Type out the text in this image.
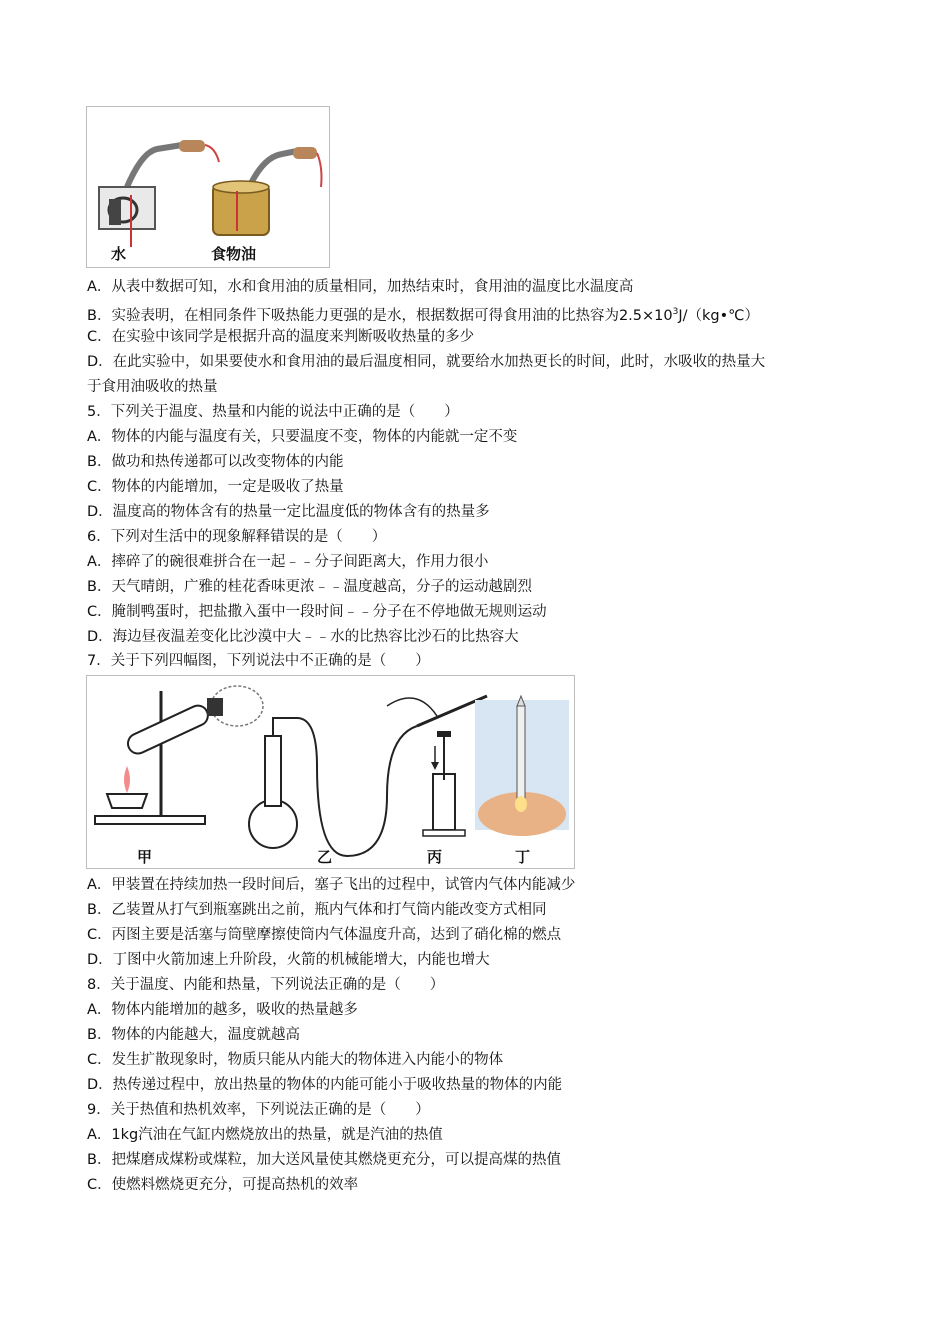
水	食物油
A．从表中数据可知，水和食用油的质量相同，加热结束时，食用油的温度比水温度高
B．实验表明，在相同条件下吸热能力更强的是水，根据数据可得食用油的比热容为$2.5\times 10^3J/(kg•℃)$
C．在实验中该同学是根据升高的温度来判断吸收热量的多少
D．在此实验中，如果要使水和食用油的最后温度相同，就要给水加热更长的时间，此时，水吸收的热量大
于食用油吸收的热量
5．下列关于温度、热量和内能的说法中正确的是（　　）
A．物体的内能与温度有关，只要温度不变，物体的内能就一定不变
B．做功和热传递都可以改变物体的内能
C．物体的内能增加，一定是吸收了热量
D．温度高的物体含有的热量一定比温度低的物体含有的热量多
6．下列对生活中的现象解释错误的是（　　）
A．摔碎了的碗很难拼合在一起﹣﹣分子间距离大，作用力很小
B．天气晴朗，广雅的桂花香味更浓﹣﹣温度越高，分子的运动越剧烈
C．腌制鸭蛋时，把盐撒入蛋中一段时间﹣﹣分子在不停地做无规则运动
D．海边昼夜温差变化比沙漠中大﹣﹣水的比热容比沙石的比热容大
7．关于下列四幅图，下列说法中不正确的是（　　）
甲	乙	丙	丁
A．甲装置在持续加热一段时间后，塞子飞出的过程中，试管内气体内能减少
B．乙装置从打气到瓶塞跳出之前，瓶内气体和打气筒内能改变方式相同
C．丙图主要是活塞与筒壁摩擦使筒内气体温度升高，达到了硝化棉的燃点
D．丁图中火箭加速上升阶段，火箭的机械能增大，内能也增大
8．关于温度、内能和热量，下列说法正确的是（　　）
A．物体内能增加的越多，吸收的热量越多
B．物体的内能越大，温度就越高
C．发生扩散现象时，物质只能从内能大的物体进入内能小的物体
D．热传递过程中，放出热量的物体的内能可能小于吸收热量的物体的内能
9．关于热值和热机效率，下列说法正确的是（　　）
A．1kg汽油在气缸内燃烧放出的热量，就是汽油的热值
B．把煤磨成煤粉或煤粒，加大送风量使其燃烧更充分，可以提高煤的热值
C．使燃料燃烧更充分，可提高热机的效率
